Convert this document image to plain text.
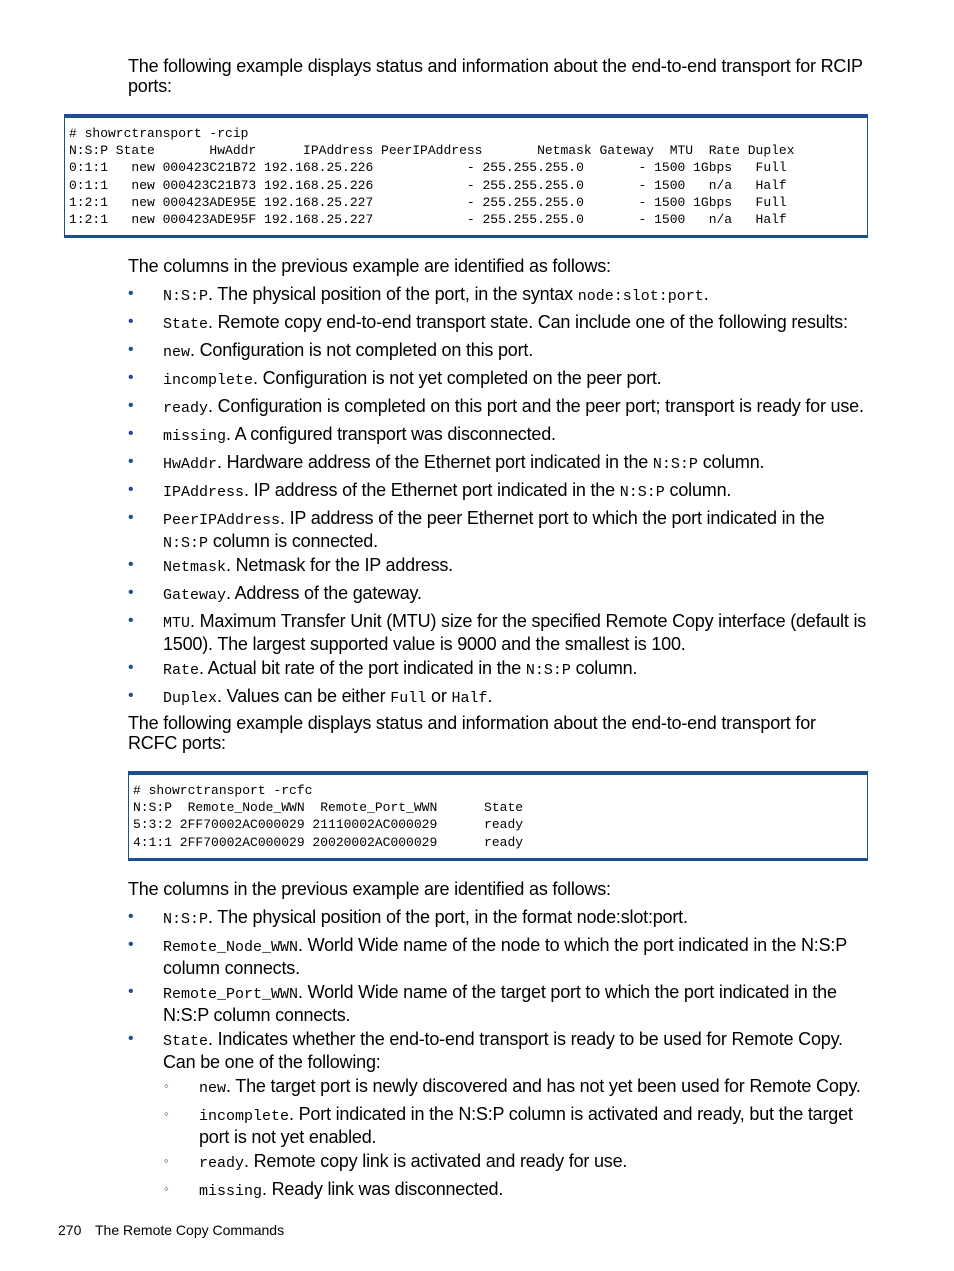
The following example displays status and information about the end-to-end transport for RCIP ports:
# showrctransport -rcip
N:S:P State       HwAddr      IPAddress PeerIPAddress       Netmask Gateway  MTU  Rate Duplex
0:1:1   new 000423C21B72 192.168.25.226            - 255.255.255.0       - 1500 1Gbps   Full
0:1:1   new 000423C21B73 192.168.25.226            - 255.255.255.0       - 1500   n/a   Half
1:2:1   new 000423ADE95E 192.168.25.227            - 255.255.255.0       - 1500 1Gbps   Full
1:2:1   new 000423ADE95F 192.168.25.227            - 255.255.255.0       - 1500   n/a   Half
The columns in the previous example are identified as follows:
• N:S:P. The physical position of the port, in the syntax node:slot:port.
• State. Remote copy end-to-end transport state. Can include one of the following results:
• new. Configuration is not completed on this port.
• incomplete. Configuration is not yet completed on the peer port.
• ready. Configuration is completed on this port and the peer port; transport is ready for use.
• missing. A configured transport was disconnected.
• HwAddr. Hardware address of the Ethernet port indicated in the N:S:P column.
• IPAddress. IP address of the Ethernet port indicated in the N:S:P column.
• PeerIPAddress. IP address of the peer Ethernet port to which the port indicated in the N:S:P column is connected.
• Netmask. Netmask for the IP address.
• Gateway. Address of the gateway.
• MTU. Maximum Transfer Unit (MTU) size for the specified Remote Copy interface (default is 1500). The largest supported value is 9000 and the smallest is 100.
• Rate. Actual bit rate of the port indicated in the N:S:P column.
• Duplex. Values can be either Full or Half.
The following example displays status and information about the end-to-end transport for RCFC ports:
# showrctransport -rcfc
N:S:P  Remote_Node_WWN  Remote_Port_WWN      State
5:3:2 2FF70002AC000029 21110002AC000029      ready
4:1:1 2FF70002AC000029 20020002AC000029      ready
The columns in the previous example are identified as follows:
• N:S:P. The physical position of the port, in the format node:slot:port.
• Remote_Node_WWN. World Wide name of the node to which the port indicated in the N:S:P column connects.
• Remote_Port_WWN. World Wide name of the target port to which the port indicated in the N:S:P column connects.
• State. Indicates whether the end-to-end transport is ready to be used for Remote Copy. Can be one of the following:
◦ new. The target port is newly discovered and has not yet been used for Remote Copy.
◦ incomplete. Port indicated in the N:S:P column is activated and ready, but the target port is not yet enabled.
◦ ready. Remote copy link is activated and ready for use.
◦ missing. Ready link was disconnected.
270 The Remote Copy Commands
